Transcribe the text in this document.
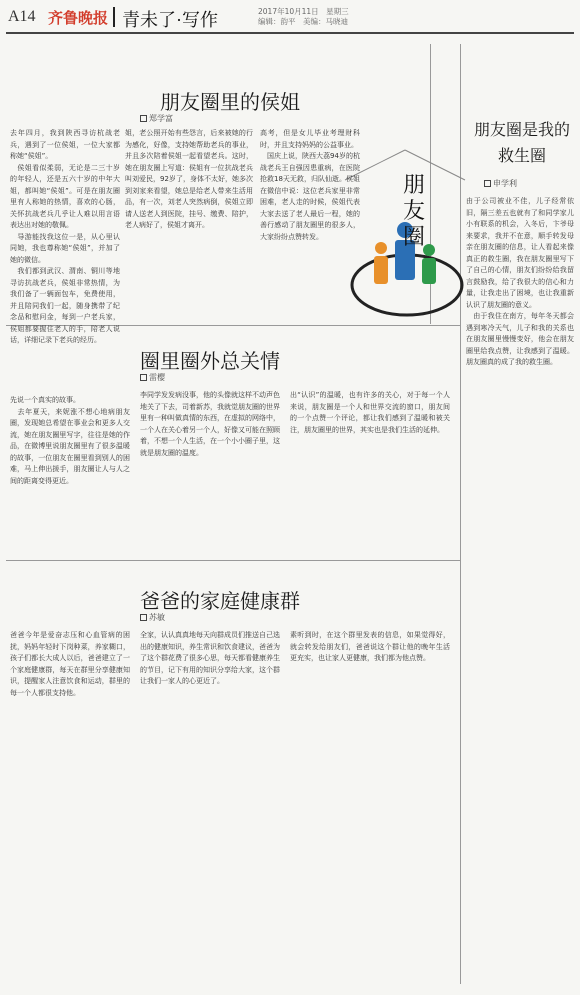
A14 齐鲁晚报 青未了·写作	2017年10月11日　星期三
编辑：韵平　美编：马晓迪
朋友圈
朋友圈里的侯姐
郑学富
去年四月，我到陕西寻访杭战老兵，遇到了一位侯姐，一位大家都称她“侯姐”。
　侯姐看似柔弱，无论是二三十岁的年轻人，还是五六十岁的中年大姐，都叫她“侯姐”。可是在朋友圈里有人称她的热情，喜欢的心肠，关怀抗战老兵几乎让人难以用言语表达出对她的敬佩。
　导游能找我这位一是，从心里认同她，我也尊称她“侯姐”，并加了她的微信。
　我们都到武汉、渭南、铜川等地寻访抗战老兵，侯姐非常热情，为我们备了一辆面包车，免费使用，并且陪同我们一起，随身携带了纪念品和慰问金，每到一户老兵家，侯姐都要握住老人的手，陪老人说话，详细记录下老兵的经历。
姐，老公照开始有些怨言，后来被她的行为感化，好像，支持她帮助老兵的事业，并且多次陪着侯姐一起看望老兵。这时，她在朋友圈上写道：侯姐有一位抗战老兵叫刘爱民，92岁了，身体不太好，她多次到刘家来看望，她总是给老人带来生活用品，有一次，刘老人突然病倒，侯姐立即请人送老人到医院，挂号、缴费、陪护，老人病好了，侯姐才离开。
高考，但是女儿毕业考理财科时，并且支持妈妈的公益事业。
　国庆上说，陕西大荔94岁的杭战老兵王自强因患重病，在医院抢救18天无救，归队仙逝。侯姐在微信中说：这位老兵家里非常困难，老人走的时候，侯姐代表大家去送了老人最后一程，她的善行感动了朋友圈里的很多人，大家纷纷点赞转发。
圈里圈外总关情
雷樱
先说一个真实的故事。
　去年夏天，来妮涨不想心地病朋友圈，发现她总希望在事业会和更多人交流，她在朋友圈里写字，往往是她的作品，在微博里说朋友圈里有了很多温暖的故事，一位朋友在圈里看到别人的困难，马上伸出援手，朋友圈让人与人之间的距离变得更近。
李同学发发病没事，他的头像就这样不动声色地关了下去，司着新苏，我就觉朋友圈的世界里有一种叫做真情的东西，在虚拟的网络中，一个人在关心着另一个人，好像又可能在照顾着，不想一个人生活，在一个小小圈子里，这就是朋友圈的温度。
出“认识”的温暖，也有许多的关心，对于每一个人来说，朋友圈是一个人和世界交流的窗口，朋友间的一个点赞一个评论，都让我们感到了温暖和被关注，朋友圈里的世界，其实也是我们生活的延伸。
朋友圈是我的救生圈
申学利
由于公司被业不佳，儿子经常依旧，隔三差五也就有了和同学家儿小有联系的机会，入冬后，卞爷母来要求，我并不在意，顺手转发母亲在朋友圈的信息，让人看起来像真正的救生圈，我在朋友圈里写下了自己的心情，朋友们纷纷给我留言鼓励我，给了我很大的信心和力量，让我走出了困境，也让我重新认识了朋友圈的意义。
　由于我住在南方，每年冬天都会遇到寒冷天气，儿子和我的关系也在朋友圈里慢慢变好，他会在朋友圈里给我点赞，让我感到了温暖。朋友圈真的成了我的救生圈。
爸爸的家庭健康群
苏敏
爸爸今年是爱奋志压和心血管病的困扰，妈妈年轻时下岗种菜，养家糊口，孩子们都长大成人以后，爸爸建立了一个家庭健康群，每天在群里分享健康知识，提醒家人注意饮食和运动，群里的每一个人都很支持他。
全家，认认真真地每天向群成员们推送自己选出的健康知识，养生常识和饮食建议，爸爸为了这个群花费了很多心思，每天都看健康养生的节目，记下有用的知识分享给大家，这个群让我们一家人的心更近了。
素听到时，在这个群里发表的信息，如果觉得好，就会转发给朋友们，爸爸说这个群让他的晚年生活更充实，也让家人更健康，我们都为他点赞。
